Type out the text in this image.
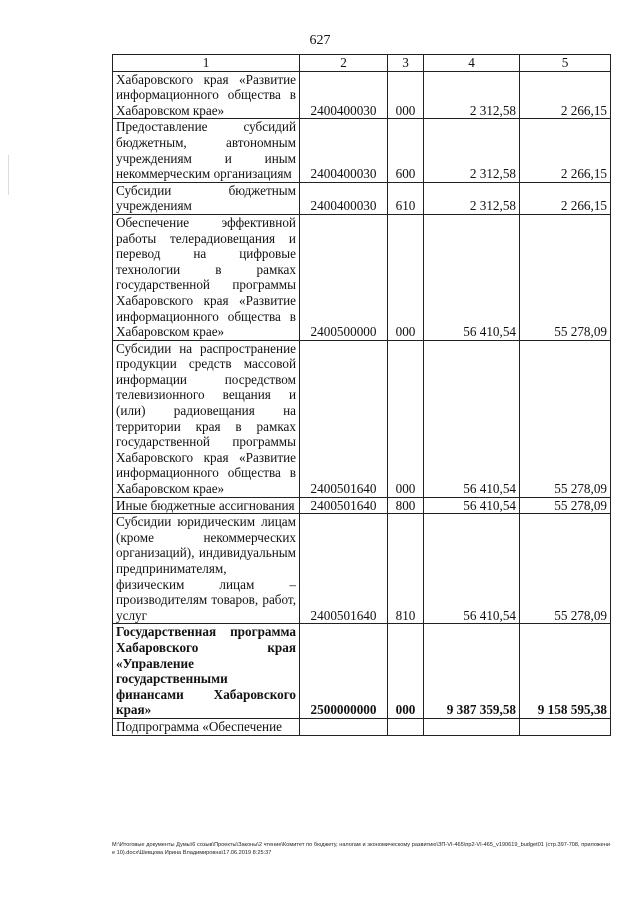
627
1	2	3	4	5
Хабаровского края «Развитие информационного общества в Хабаровском крае»	2400400030	000	2 312,58	2 266,15
Предоставление субсидий бюджетным, автономным учреждениям и иным некоммерческим организациям	2400400030	600	2 312,58	2 266,15
Субсидии бюджетным учреждениям	2400400030	610	2 312,58	2 266,15
Обеспечение эффективной работы телерадиовещания и перевод на цифровые технологии в рамках государственной программы Хабаровского края «Развитие информационного общества в Хабаровском крае»	2400500000	000	56 410,54	55 278,09
Субсидии на распространение продукции средств массовой информации посредством телевизионного вещания и (или) радиовещания на территории края в рамках государственной программы Хабаровского края «Развитие информационного общества в Хабаровском крае»	2400501640	000	56 410,54	55 278,09
Иные бюджетные ассигнования	2400501640	800	56 410,54	55 278,09
Субсидии юридическим лицам (кроме некоммерческих организаций), индивидуальным предпринимателям, физическим лицам – производителям товаров, работ, услуг	2400501640	810	56 410,54	55 278,09
Государственная программа Хабаровского края «Управление государственными финансами Хабаровского края»	2500000000	000	9 387 359,58	9 158 595,38
Подпрограмма «Обеспечение				
M:\Итоговые документы Думы\6 созыв\Проекты\Законы\2 чтение\Комитет по бюджету, налогам и экономическому развитию\ЗП-VI-465\пр2-VI-465_v190619_budget01 (стр.397-708, приложение 10).docx\Шевцова Ирина Владимировна\17.06.2019 8:25:37
